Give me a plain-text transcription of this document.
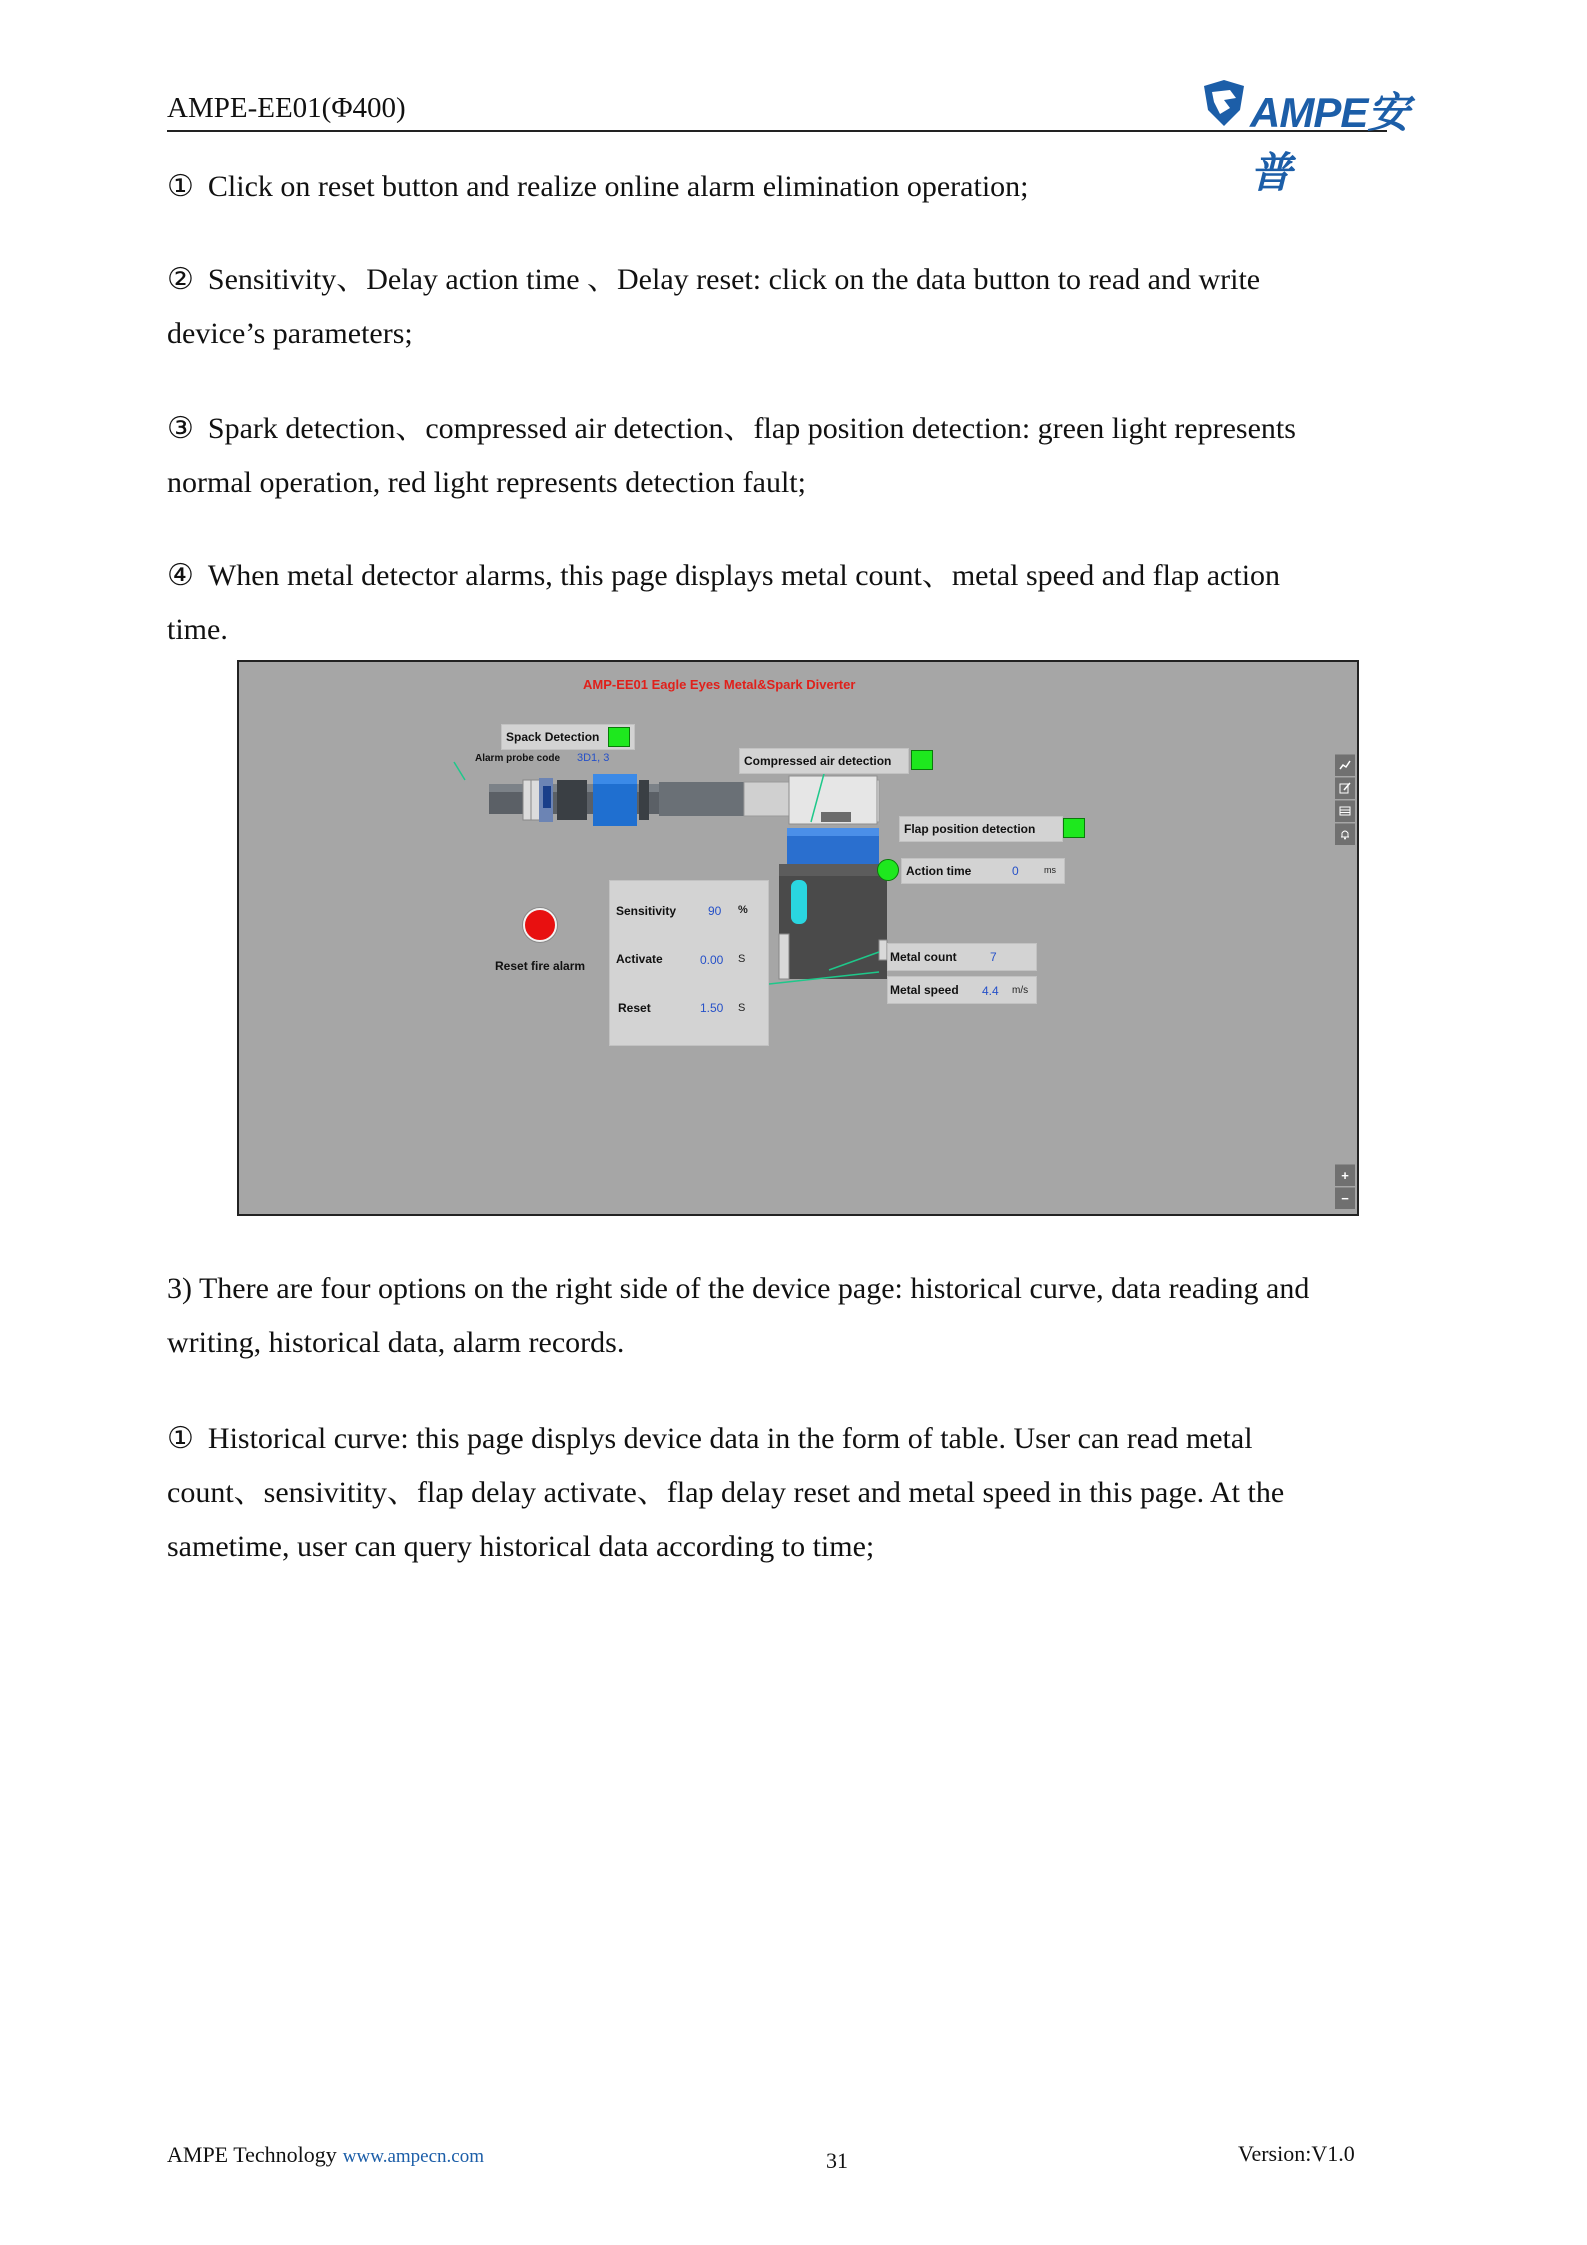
AMPE-EE01(Φ400)	AMPE安普
① Click on reset button and realize online alarm elimination operation;
② Sensitivity、Delay action time 、Delay reset: click on the data button to read and write
device’s parameters;
③ Spark detection、compressed air detection、flap position detection: green light represents
normal operation, red light represents detection fault;
④ When metal detector alarms, this page displays metal count、metal speed and flap action
time.
AMP-EE01 Eagle Eyes Metal&Spark Diverter
Spack Detection
Alarm probe code 3D1, 3	Compressed air detection
Flap position detection
Action time	0	ms
Reset fire alarm
Sensitivity	90 %
Activate	0.00 S
Reset	1.50 S
Metal count	7
Metal speed 4.4 m/s
+
−
3) There are four options on the right side of the device page: historical curve, data reading and
writing, historical data, alarm records.
① Historical curve: this page displys device data in the form of table. User can read metal
count、sensivitity、flap delay activate、flap delay reset and metal speed in this page. At the
sametime, user can query historical data according to time;
AMPE Technology www.ampecn.com	31	Version:V1.0
